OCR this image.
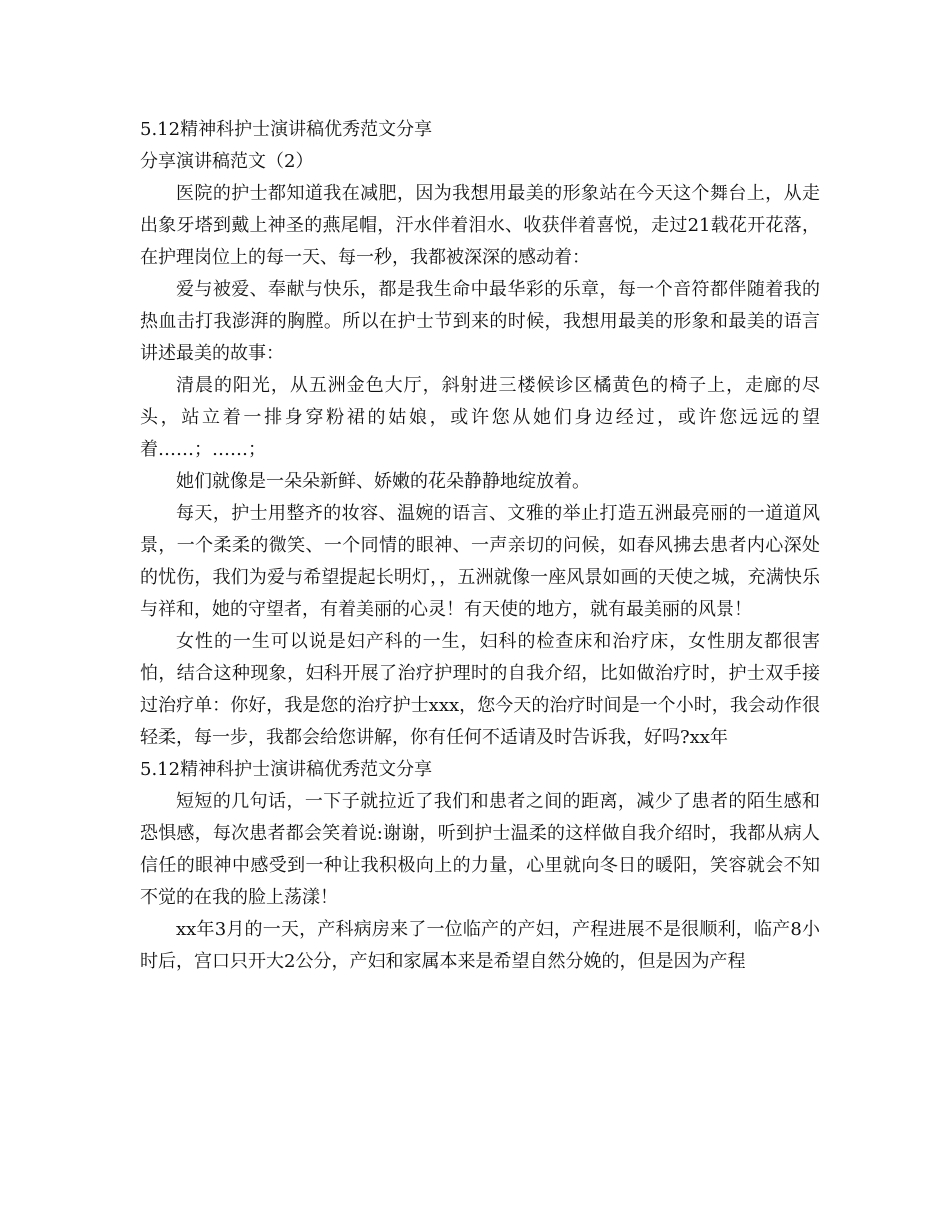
5.12精神科护士演讲稿优秀范文分享

分享演讲稿范文（2）

医院的护士都知道我在减肥，因为我想用最美的形象站在今天这个舞台上，从走出象牙塔到戴上神圣的燕尾帽，汗水伴着泪水、收获伴着喜悦，走过21载花开花落，在护理岗位上的每一天、每一秒，我都被深深的感动着：

爱与被爱、奉献与快乐，都是我生命中最华彩的乐章，每一个音符都伴随着我的热血击打我澎湃的胸膛。所以在护士节到来的时候，我想用最美的形象和最美的语言讲述最美的故事：

清晨的阳光，从五洲金色大厅，斜射进三楼候诊区橘黄色的椅子上，走廊的尽头，站立着一排身穿粉裙的姑娘，或许您从她们身边经过，或许您远远的望着……；……；

她们就像是一朵朵新鲜、娇嫩的花朵静静地绽放着。

每天，护士用整齐的妆容、温婉的语言、文雅的举止打造五洲最亮丽的一道道风景，一个柔柔的微笑、一个同情的眼神、一声亲切的问候，如春风拂去患者内心深处的忧伤，我们为爱与希望提起长明灯，，五洲就像一座风景如画的天使之城，充满快乐与祥和，她的守望者，有着美丽的心灵！有天使的地方，就有最美丽的风景！

女性的一生可以说是妇产科的一生，妇科的检查床和治疗床，女性朋友都很害怕，结合这种现象，妇科开展了治疗护理时的自我介绍，比如做治疗时，护士双手接过治疗单：你好，我是您的治疗护士xxx，您今天的治疗时间是一个小时，我会动作很轻柔，每一步，我都会给您讲解，你有任何不适请及时告诉我，好吗?xx年

5.12精神科护士演讲稿优秀范文分享

短短的几句话，一下子就拉近了我们和患者之间的距离，减少了患者的陌生感和恐惧感，每次患者都会笑着说:谢谢，听到护士温柔的这样做自我介绍时，我都从病人信任的眼神中感受到一种让我积极向上的力量，心里就向冬日的暖阳，笑容就会不知不觉的在我的脸上荡漾！

xx年3月的一天，产科病房来了一位临产的产妇，产程进展不是很顺利，临产8小时后，宫口只开大2公分，产妇和家属本来是希望自然分娩的，但是因为产程
